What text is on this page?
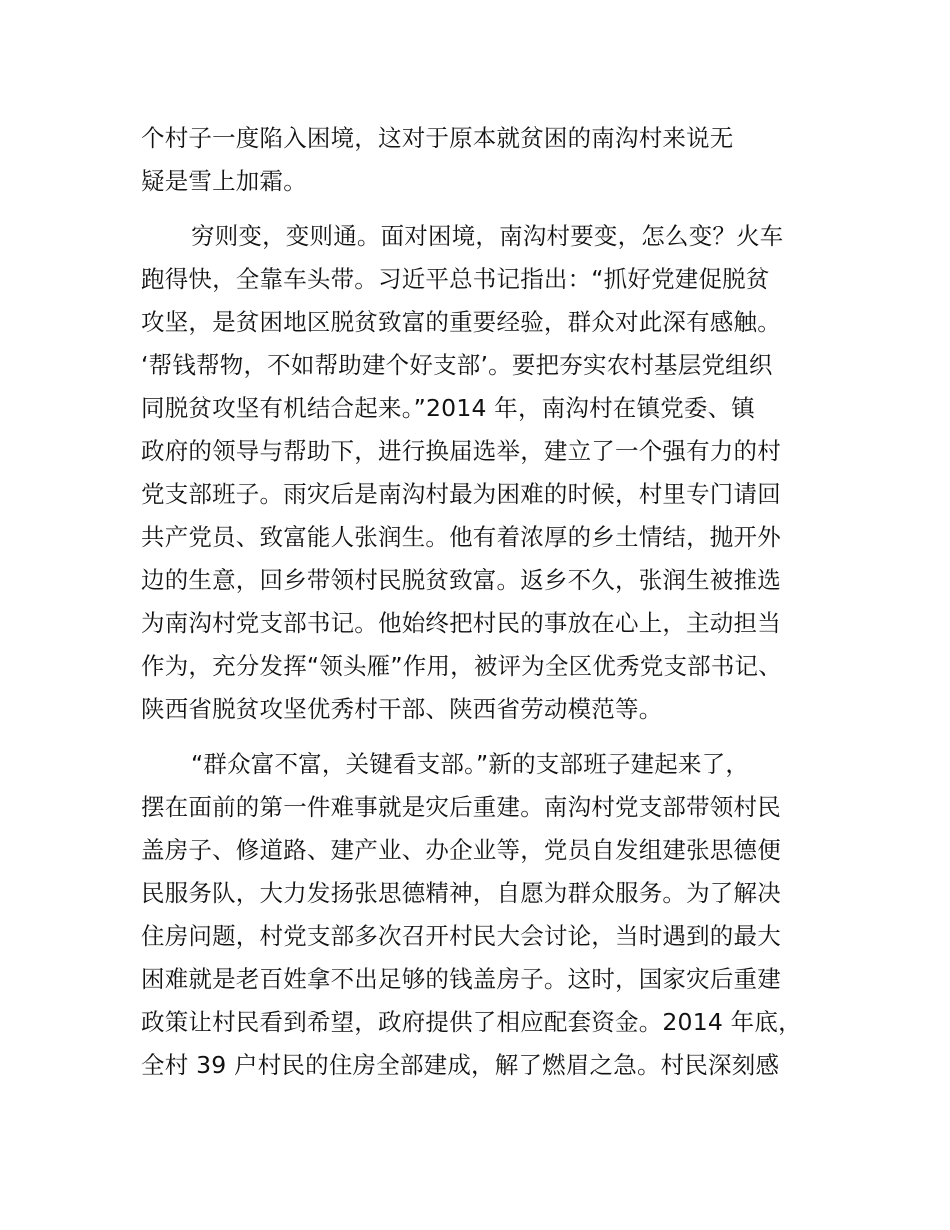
个村子一度陷入困境，这对于原本就贫困的南沟村来说无
疑是雪上加霜。

穷则变，变则通。面对困境，南沟村要变，怎么变？火车
跑得快，全靠车头带。习近平总书记指出：“抓好党建促脱贫
攻坚，是贫困地区脱贫致富的重要经验，群众对此深有感触。
‘帮钱帮物，不如帮助建个好支部’。要把夯实农村基层党组织
同脱贫攻坚有机结合起来。”2014 年，南沟村在镇党委、镇
政府的领导与帮助下，进行换届选举，建立了一个强有力的村
党支部班子。雨灾后是南沟村最为困难的时候，村里专门请回
共产党员、致富能人张润生。他有着浓厚的乡土情结，抛开外
边的生意，回乡带领村民脱贫致富。返乡不久，张润生被推选
为南沟村党支部书记。他始终把村民的事放在心上，主动担当
作为，充分发挥“领头雁”作用，被评为全区优秀党支部书记、
陕西省脱贫攻坚优秀村干部、陕西省劳动模范等。

“群众富不富，关键看支部。”新的支部班子建起来了，
摆在面前的第一件难事就是灾后重建。南沟村党支部带领村民
盖房子、修道路、建产业、办企业等，党员自发组建张思德便
民服务队，大力发扬张思德精神，自愿为群众服务。为了解决
住房问题，村党支部多次召开村民大会讨论，当时遇到的最大
困难就是老百姓拿不出足够的钱盖房子。这时，国家灾后重建
政策让村民看到希望，政府提供了相应配套资金。2014 年底，
全村 39 户村民的住房全部建成，解了燃眉之急。村民深刻感
